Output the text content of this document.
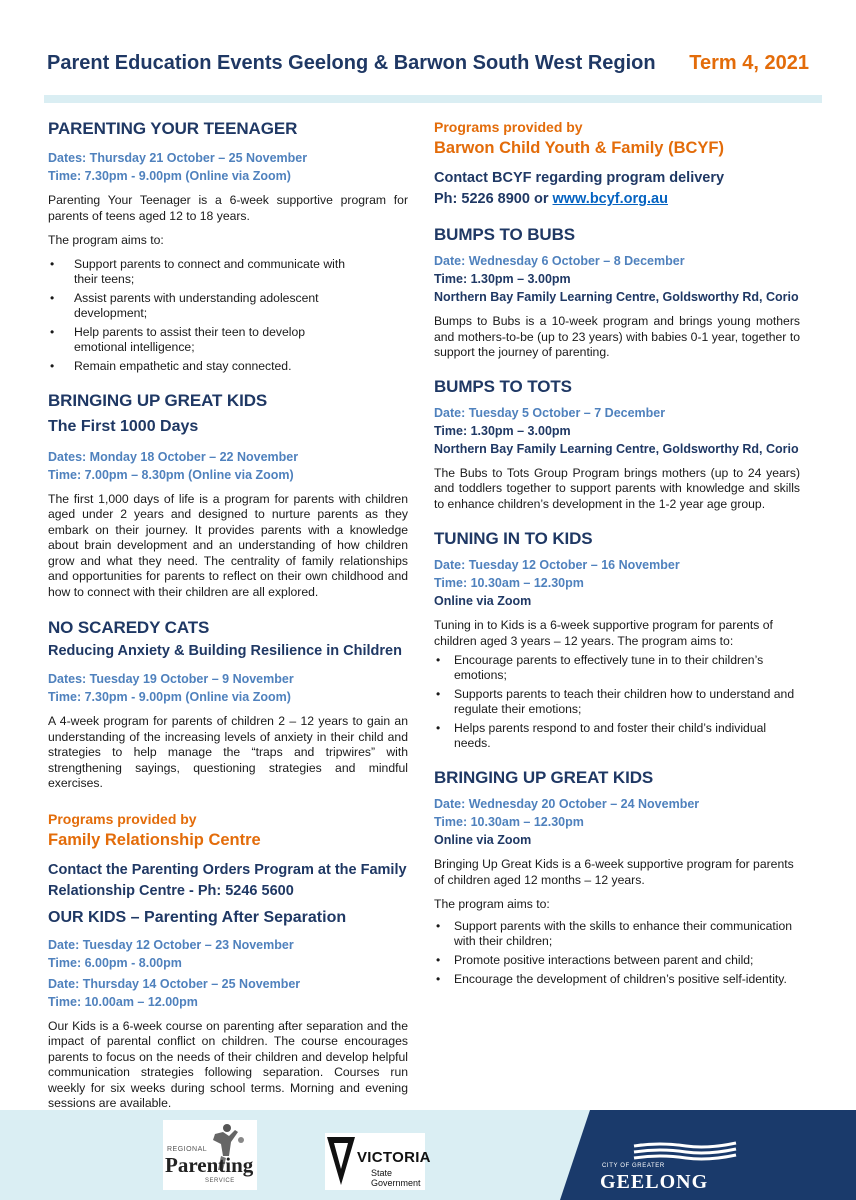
Parent Education Events Geelong & Barwon South West Region Term 4, 2021
PARENTING YOUR TEENAGER

Dates: Thursday 21 October – 25 November

Time: 7.30pm - 9.00pm (Online via Zoom)

Parenting Your Teenager is a 6-week supportive program for parents of teens aged 12 to 18 years.

The program aims to:

• Support parents to connect and communicate with their teens;
• Assist parents with understanding adolescent development;
• Help parents to assist their teen to develop emotional intelligence;
• Remain empathetic and stay connected.
BRINGING UP GREAT KIDS
The First 1000 Days

Dates: Monday 18 October – 22 November

Time: 7.00pm – 8.30pm (Online via Zoom)

The first 1,000 days of life is a program for parents with children aged under 2 years and designed to nurture parents as they embark on their journey. It provides parents with a knowledge about brain development and an understanding of how children grow and what they need. The centrality of family relationships and opportunities for parents to reflect on their own childhood and how to connect with their children are all explored.

NO SCAREDY CATS
Reducing Anxiety & Building Resilience in Children

Dates: Tuesday 19 October – 9 November

Time: 7.30pm - 9.00pm (Online via Zoom)

A 4-week program for parents of children 2 – 12 years to gain an understanding of the increasing levels of anxiety in their child and strategies to help manage the “traps and tripwires” with strengthening sayings, questioning strategies and mindful exercises.

Programs provided by

Family Relationship Centre

Contact the Parenting Orders Program at the Family Relationship Centre - Ph: 5246 5600

OUR KIDS – Parenting After Separation

Date: Tuesday 12 October – 23 November

Time: 6.00pm - 8.00pm

Date: Thursday 14 October – 25 November

Time: 10.00am – 12.00pm

Our Kids is a 6-week course on parenting after separation and the impact of parental conflict on children. The course encourages parents to focus on the needs of their children and develop helpful communication strategies following separation. Courses run weekly for six weeks during school terms. Morning and evening sessions are available.

Programs provided by

Barwon Child Youth & Family (BCYF)

Contact BCYF regarding program delivery

Ph: 5226 8900 or www.bcyf.org.au

BUMPS TO BUBS

Date: Wednesday 6 October – 8 December

Time: 1.30pm – 3.00pm

Northern Bay Family Learning Centre, Goldsworthy Rd, Corio

Bumps to Bubs is a 10-week program and brings young mothers and mothers-to-be (up to 23 years) with babies 0-1 year, together to support the journey of parenting.

BUMPS TO TOTS

Date: Tuesday 5 October – 7 December

Time: 1.30pm – 3.00pm

Northern Bay Family Learning Centre, Goldsworthy Rd, Corio

The Bubs to Tots Group Program brings mothers (up to 24 years) and toddlers together to support parents with knowledge and skills to enhance children’s development in the 1-2 year age group.

TUNING IN TO KIDS

Date: Tuesday 12 October – 16 November

Time: 10.30am – 12.30pm

Online via Zoom

Tuning in to Kids is a 6-week supportive program for parents of children aged 3 years – 12 years. The program aims to:

• Encourage parents to effectively tune in to their children’s emotions;
• Supports parents to teach their children how to understand and regulate their emotions;
• Helps parents respond to and foster their child’s individual needs.
BRINGING UP GREAT KIDS

Date: Wednesday 20 October – 24 November

Time: 10.30am – 12.30pm

Online via Zoom

Bringing Up Great Kids is a 6-week supportive program for parents of children aged 12 months – 12 years.

The program aims to:

• Support parents with the skills to enhance their communication with their children;
• Promote positive interactions between parent and child;
• Encourage the development of children’s positive self-identity.
REGIONAL
Parenting
SERVICE
VICTORIA
State
Government
CITY OF GREATER
GEELONG
